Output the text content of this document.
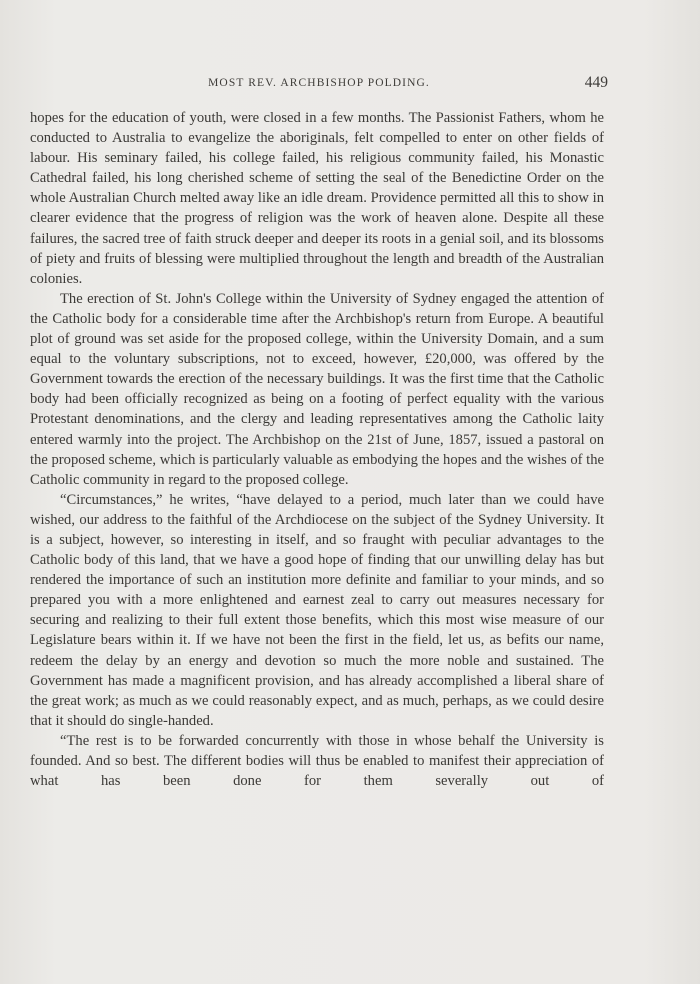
MOST REV. ARCHBISHOP POLDING.	449

hopes for the education of youth, were closed in a few months. The Passionist Fathers, whom he conducted to Australia to evangelize the aboriginals, felt compelled to enter on other fields of labour. His seminary failed, his college failed, his religious community failed, his Monastic Cathedral failed, his long cherished scheme of setting the seal of the Benedictine Order on the whole Australian Church melted away like an idle dream. Providence permitted all this to show in clearer evidence that the progress of religion was the work of heaven alone. Despite all these failures, the sacred tree of faith struck deeper and deeper its roots in a genial soil, and its blossoms of piety and fruits of blessing were multiplied throughout the length and breadth of the Australian colonies.

The erection of St. John's College within the University of Sydney engaged the attention of the Catholic body for a considerable time after the Archbishop's return from Europe. A beautiful plot of ground was set aside for the proposed college, within the University Domain, and a sum equal to the voluntary subscriptions, not to exceed, however, £20,000, was offered by the Government towards the erection of the necessary buildings. It was the first time that the Catholic body had been officially recognized as being on a footing of perfect equality with the various Protestant denominations, and the clergy and leading representatives among the Catholic laity entered warmly into the project. The Archbishop on the 21st of June, 1857, issued a pastoral on the proposed scheme, which is particularly valuable as embodying the hopes and the wishes of the Catholic community in regard to the proposed college.

“Circumstances,” he writes, “have delayed to a period, much later than we could have wished, our address to the faithful of the Archdiocese on the subject of the Sydney University. It is a subject, however, so interesting in itself, and so fraught with peculiar advantages to the Catholic body of this land, that we have a good hope of finding that our unwilling delay has but rendered the importance of such an institution more definite and familiar to your minds, and so prepared you with a more enlightened and earnest zeal to carry out measures necessary for securing and realizing to their full extent those benefits, which this most wise measure of our Legislature bears within it. If we have not been the first in the field, let us, as befits our name, redeem the delay by an energy and devotion so much the more noble and sustained. The Government has made a magnificent provision, and has already accomplished a liberal share of the great work; as much as we could reasonably expect, and as much, perhaps, as we could desire that it should do single-handed.

“The rest is to be forwarded concurrently with those in whose behalf the University is founded. And so best. The different bodies will thus be enabled to manifest their appreciation of what has been done for them severally out of
